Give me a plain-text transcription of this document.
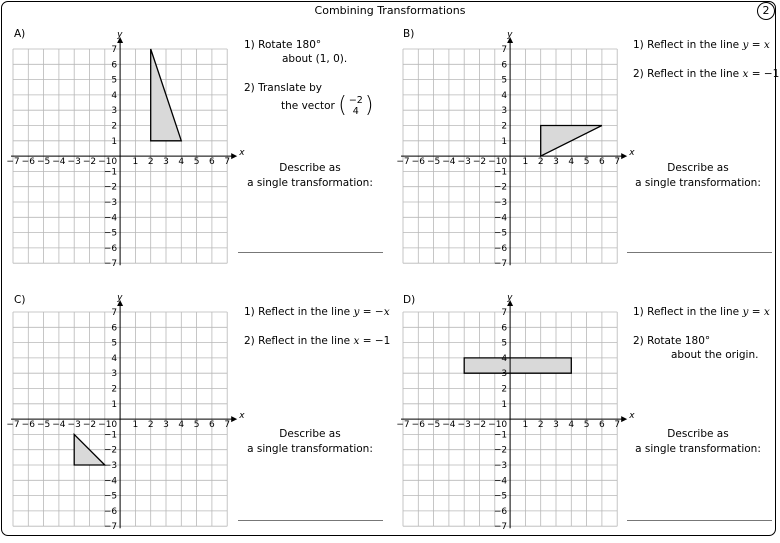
Combining Transformations	2
A)
x
y
−7 −6 −5 −4 −3 −2 −1 1 2 3 4 5 6 7
0
7
6
5
4
3
2
1
−1
−2
−3
−4
−5
−6
−7
1) Rotate 180°
about (1, 0).
2) Translate by
the vector ( −2
4 )
Describe as
a single transformation:
B)
x
y
−7 −6 −5 −4 −3 −2 −1 1 2 3 4 5 6 7
0
7
6
5
4
3
2
1
−1
−2
−3
−4
−5
−6
−7
1) Reflect in the line y = x
2) Reflect in the line x = −1
Describe as
a single transformation:
C)
x
y
−7 −6 −5 −4 −3 −2 −1 1 2 3 4 5 6 7
0
7
6
5
4
3
2
1
−1
−2
−3
−4
−5
−6
−7
1) Reflect in the line y = −x
2) Reflect in the line x = −1
Describe as
a single transformation:
D)
x
y
−7 −6 −5 −4 −3 −2 −1 1 2 3 4 5 6 7
0
7
6
5
4
3
2
1
−1
−2
−3
−4
−5
−6
−7
1) Reflect in the line y = x
2) Rotate 180°
about the origin.
Describe as
a single transformation:
